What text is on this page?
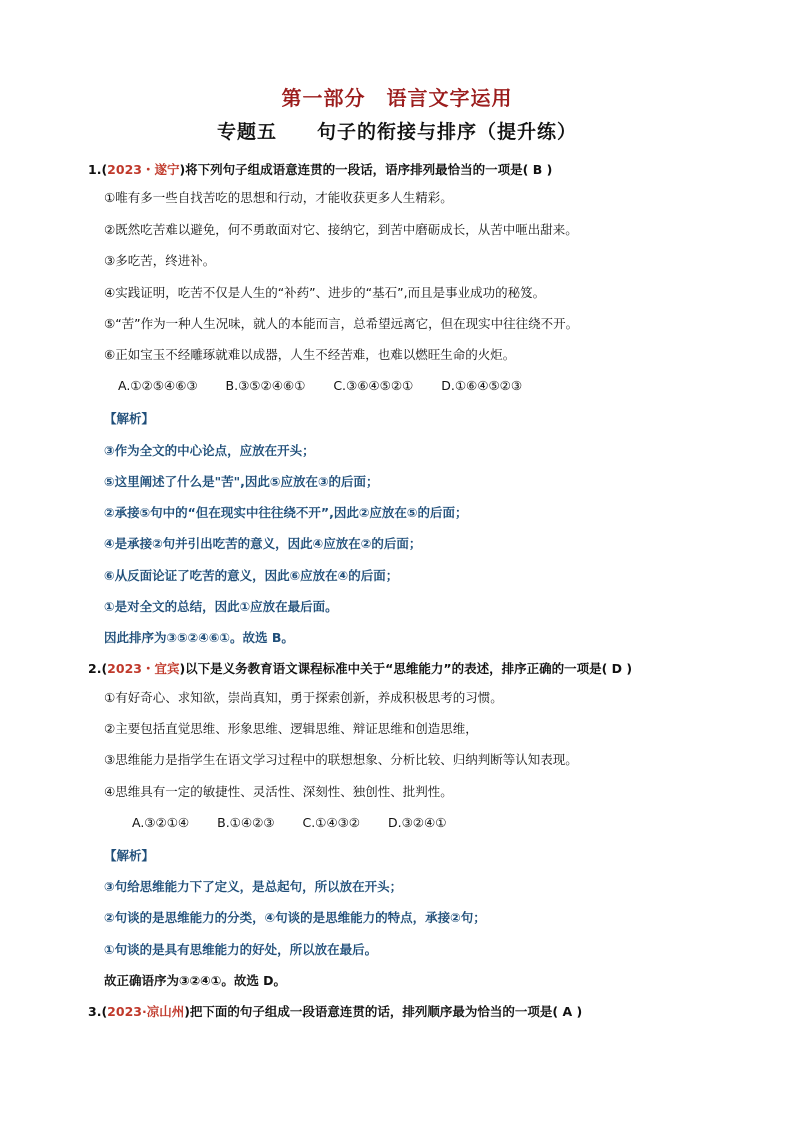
第一部分　语言文字运用
专题五　　句子的衔接与排序（提升练）
1.(2023・遂宁)将下列句子组成语意连贯的一段话，语序排列最恰当的一项是( B )
①唯有多一些自找苦吃的思想和行动，才能收获更多人生精彩。
②既然吃苦难以避免，何不勇敢面对它、接纳它，到苦中磨砺成长，从苦中咂出甜来。
③多吃苦，终进补。
④实践证明，吃苦不仅是人生的“补药”、进步的“基石”,而且是事业成功的秘笈。
⑤“苦”作为一种人生况味，就人的本能而言，总希望远离它，但在现实中往往绕不开。
⑥正如宝玉不经雕琢就难以成器，人生不经苦难，也难以燃旺生命的火炬。
A.①②⑤④⑥③ B.③⑤②④⑥① C.③⑥④⑤②① D.①⑥④⑤②③
【解析】
③作为全文的中心论点，应放在开头；
⑤这里阐述了什么是"苦",因此⑤应放在③的后面；
②承接⑤句中的“但在现实中往往绕不开”,因此②应放在⑤的后面；
④是承接②句并引出吃苦的意义，因此④应放在②的后面；
⑥从反面论证了吃苦的意义，因此⑥应放在④的后面；
①是对全文的总结，因此①应放在最后面。
因此排序为③⑤②④⑥①。故选 B。
2.(2023・宜宾)以下是义务教育语文课程标准中关于“思维能力”的表述，排序正确的一项是( D )
①有好奇心、求知欲，崇尚真知，勇于探索创新，养成积极思考的习惯。
②主要包括直觉思维、形象思维、逻辑思维、辩证思维和创造思维，
③思维能力是指学生在语文学习过程中的联想想象、分析比较、归纳判断等认知表现。
④思维具有一定的敏捷性、灵活性、深刻性、独创性、批判性。
A.③②①④ B.①④②③ C.①④③② D.③②④①
【解析】
③句给思维能力下了定义，是总起句，所以放在开头；
②句谈的是思维能力的分类，④句谈的是思维能力的特点，承接②句；
①句谈的是具有思维能力的好处，所以放在最后。
故正确语序为③②④①。故选 D。
3.(2023·凉山州)把下面的句子组成一段语意连贯的话，排列顺序最为恰当的一项是( A )
